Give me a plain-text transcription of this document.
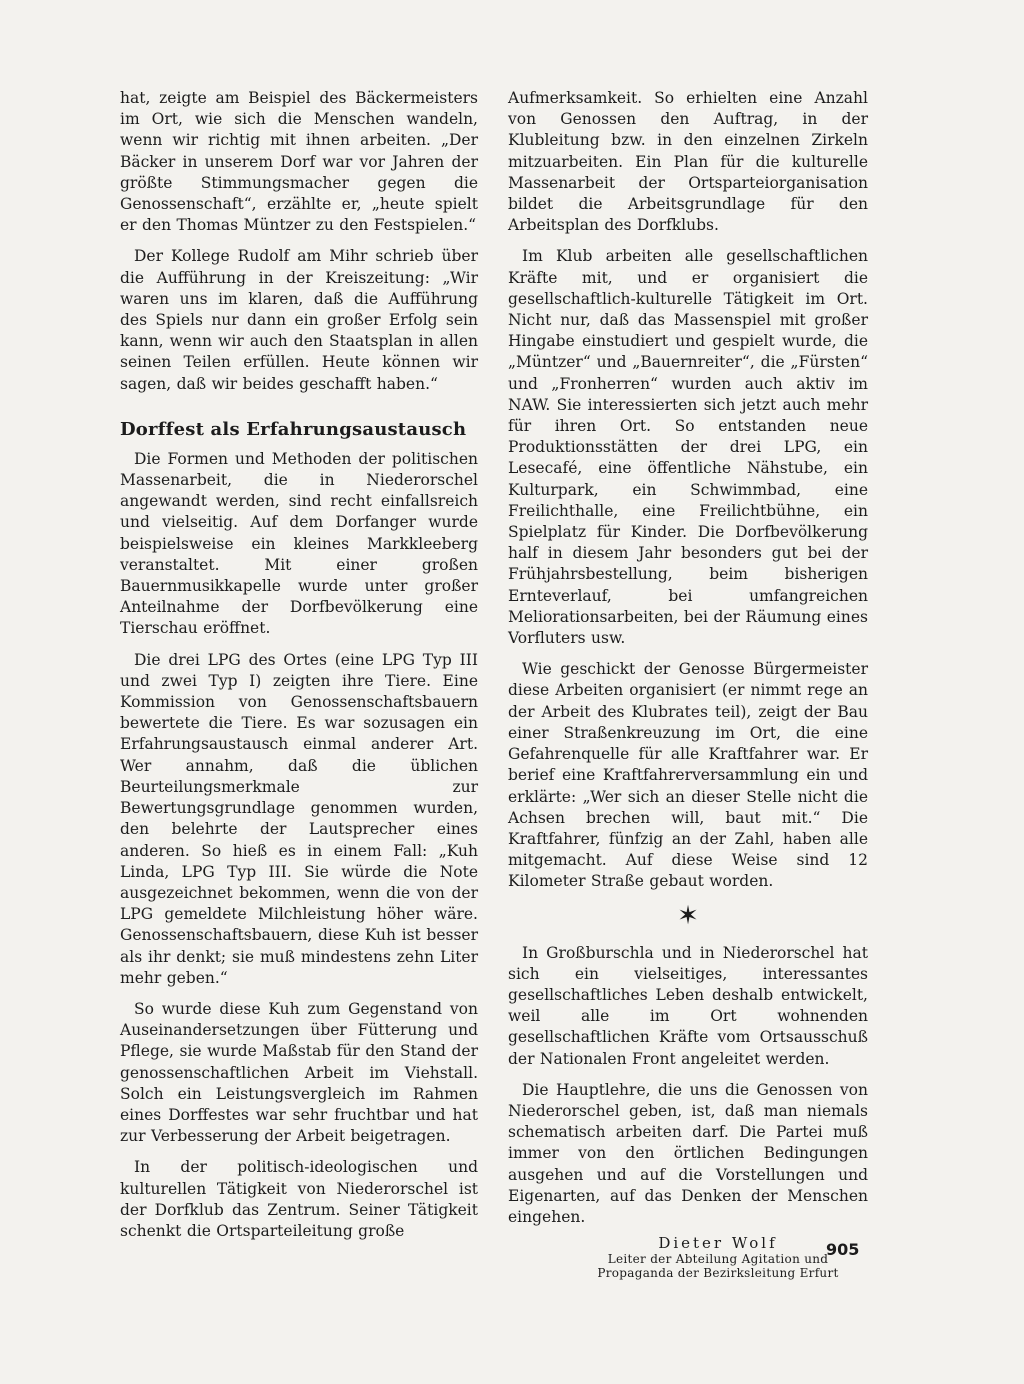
hat, zeigte am Beispiel des Bäckermeisters im Ort, wie sich die Menschen wandeln, wenn wir richtig mit ihnen arbeiten. „Der Bäcker in unserem Dorf war vor Jahren der größte Stimmungsmacher gegen die Genossenschaft“, erzählte er, „heute spielt er den Thomas Müntzer zu den Festspielen.“

Der Kollege Rudolf am Mihr schrieb über die Aufführung in der Kreiszeitung: „Wir waren uns im klaren, daß die Aufführung des Spiels nur dann ein großer Erfolg sein kann, wenn wir auch den Staatsplan in allen seinen Teilen erfüllen. Heute können wir sagen, daß wir beides geschafft haben.“

Dorffest als Erfahrungsaustausch

Die Formen und Methoden der politischen Massenarbeit, die in Niederorschel angewandt werden, sind recht einfallsreich und vielseitig. Auf dem Dorfanger wurde beispielsweise ein kleines Markkleeberg veranstaltet. Mit einer großen Bauernmusikkapelle wurde unter großer Anteilnahme der Dorfbevölkerung eine Tierschau eröffnet.

Die drei LPG des Ortes (eine LPG Typ III und zwei Typ I) zeigten ihre Tiere. Eine Kommission von Genossenschaftsbauern bewertete die Tiere. Es war sozusagen ein Erfahrungsaustausch einmal anderer Art. Wer annahm, daß die üblichen Beurteilungsmerkmale zur Bewertungsgrundlage genommen wurden, den belehrte der Lautsprecher eines anderen. So hieß es in einem Fall: „Kuh Linda, LPG Typ III. Sie würde die Note ausgezeichnet bekommen, wenn die von der LPG gemeldete Milchleistung höher wäre. Genossenschaftsbauern, diese Kuh ist besser als ihr denkt; sie muß mindestens zehn Liter mehr geben.“

So wurde diese Kuh zum Gegenstand von Auseinandersetzungen über Fütterung und Pflege, sie wurde Maßstab für den Stand der genossenschaftlichen Arbeit im Viehstall. Solch ein Leistungsvergleich im Rahmen eines Dorffestes war sehr fruchtbar und hat zur Verbesserung der Arbeit beigetragen.

In der politisch-ideologischen und kulturellen Tätigkeit von Niederorschel ist der Dorfklub das Zentrum. Seiner Tätigkeit schenkt die Ortsparteileitung große

Aufmerksamkeit. So erhielten eine Anzahl von Genossen den Auftrag, in der Klubleitung bzw. in den einzelnen Zirkeln mitzuarbeiten. Ein Plan für die kulturelle Massenarbeit der Ortsparteiorganisation bildet die Arbeitsgrundlage für den Arbeitsplan des Dorfklubs.

Im Klub arbeiten alle gesellschaftlichen Kräfte mit, und er organisiert die gesellschaftlich-kulturelle Tätigkeit im Ort. Nicht nur, daß das Massenspiel mit großer Hingabe einstudiert und gespielt wurde, die „Müntzer“ und „Bauernreiter“, die „Fürsten“ und „Fronherren“ wurden auch aktiv im NAW. Sie interessierten sich jetzt auch mehr für ihren Ort. So entstanden neue Produktionsstätten der drei LPG, ein Lesecafé, eine öffentliche Nähstube, ein Kulturpark, ein Schwimmbad, eine Freilichthalle, eine Freilichtbühne, ein Spielplatz für Kinder. Die Dorfbevölkerung half in diesem Jahr besonders gut bei der Frühjahrsbestellung, beim bisherigen Ernteverlauf, bei umfangreichen Meliorationsarbeiten, bei der Räumung eines Vorfluters usw.

Wie geschickt der Genosse Bürgermeister diese Arbeiten organisiert (er nimmt rege an der Arbeit des Klubrates teil), zeigt der Bau einer Straßenkreuzung im Ort, die eine Gefahrenquelle für alle Kraftfahrer war. Er berief eine Kraftfahrerversammlung ein und erklärte: „Wer sich an dieser Stelle nicht die Achsen brechen will, baut mit.“ Die Kraftfahrer, fünfzig an der Zahl, haben alle mitgemacht. Auf diese Weise sind 12 Kilometer Straße gebaut worden.

✶

In Großburschla und in Niederorschel hat sich ein vielseitiges, interessantes gesellschaftliches Leben deshalb entwickelt, weil alle im Ort wohnenden gesellschaftlichen Kräfte vom Ortsausschuß der Nationalen Front angeleitet werden.

Die Hauptlehre, die uns die Genossen von Niederorschel geben, ist, daß man niemals schematisch arbeiten darf. Die Partei muß immer von den örtlichen Bedingungen ausgehen und auf die Vorstellungen und Eigenarten, auf das Denken der Menschen eingehen.

Dieter Wolf
Leiter der Abteilung Agitation und
Propaganda der Bezirksleitung Erfurt
905
